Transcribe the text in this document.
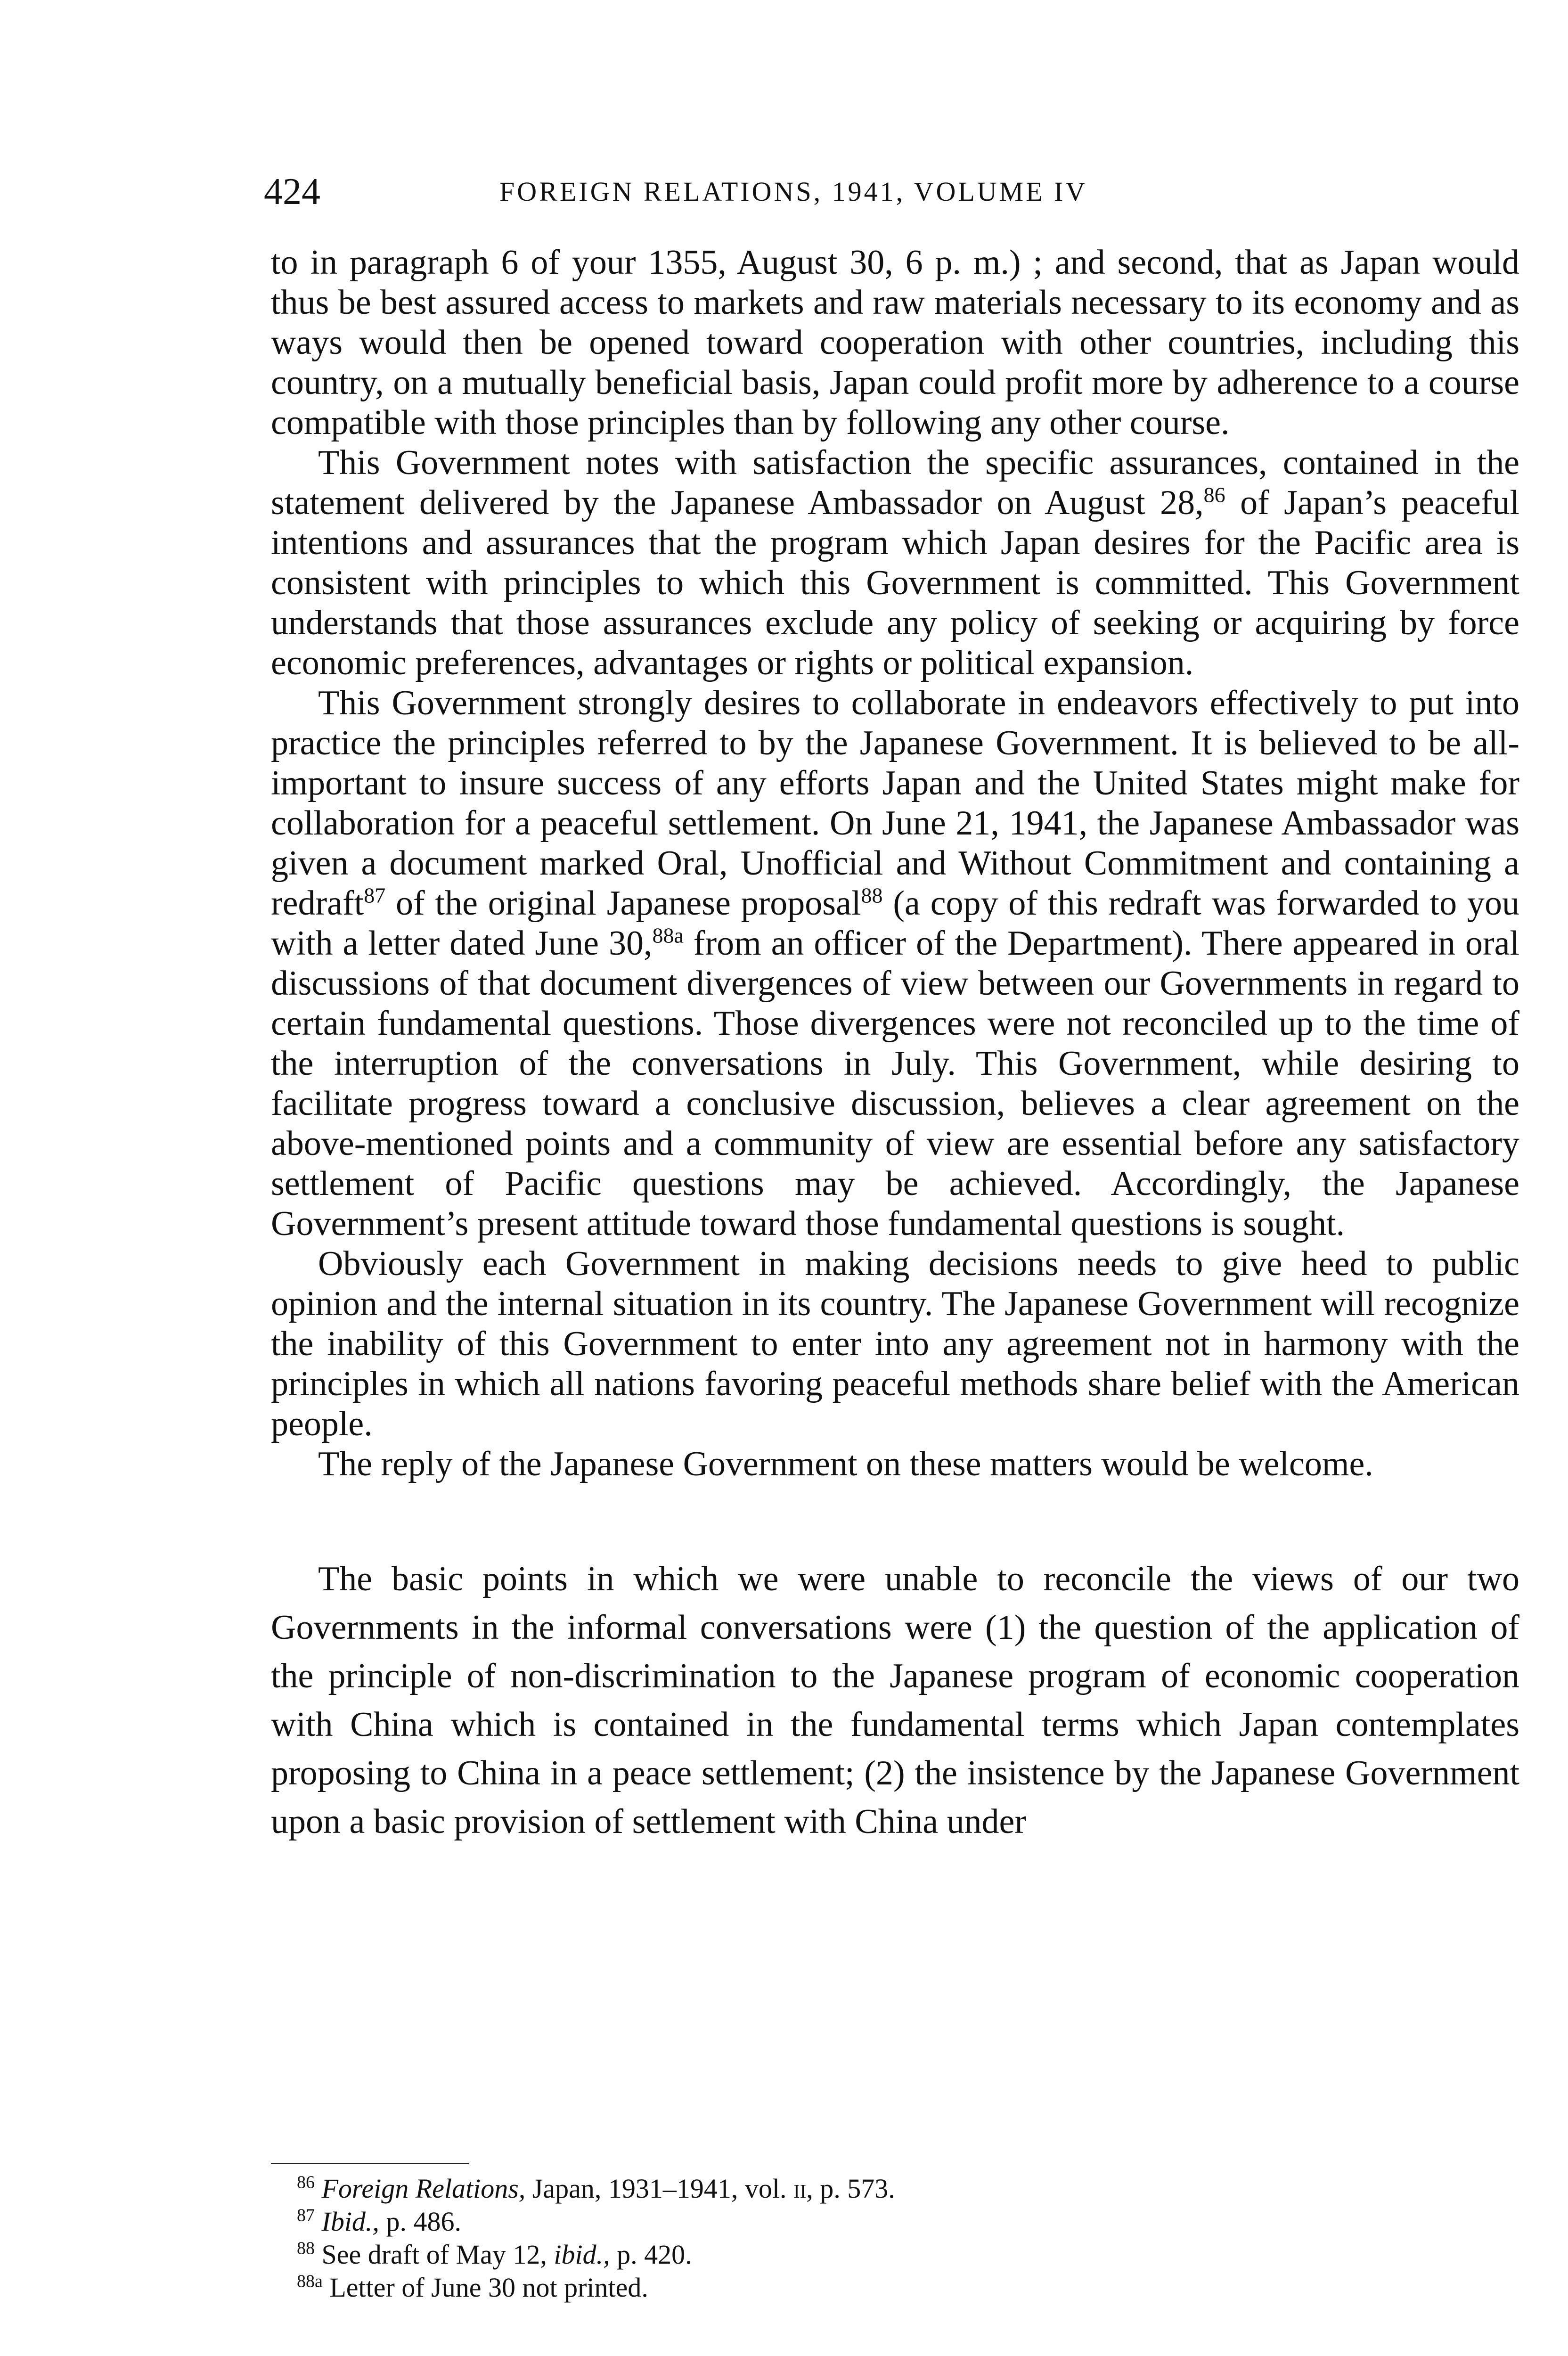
424	FOREIGN RELATIONS, 1941, VOLUME IV

to in paragraph 6 of your 1355, August 30, 6 p. m.) ; and second, that as Japan would thus be best assured access to markets and raw materials necessary to its economy and as ways would then be opened toward cooperation with other countries, including this country, on a mutually beneficial basis, Japan could profit more by adherence to a course compatible with those principles than by following any other course.

This Government notes with satisfaction the specific assurances, contained in the statement delivered by the Japanese Ambassador on August 28,86 of Japan’s peaceful intentions and assurances that the program which Japan desires for the Pacific area is consistent with principles to which this Government is committed. This Government understands that those assurances exclude any policy of seeking or acquiring by force economic preferences, advantages or rights or political expansion.

This Government strongly desires to collaborate in endeavors effectively to put into practice the principles referred to by the Japanese Government. It is believed to be all-important to insure success of any efforts Japan and the United States might make for collaboration for a peaceful settlement. On June 21, 1941, the Japanese Ambassador was given a document marked Oral, Unofficial and Without Commitment and containing a redraft$^{87}$ of the original Japanese proposal$^{88}$ (a copy of this redraft was forwarded to you with a letter dated June 30,$^{88a}$ from an officer of the Department). There appeared in oral discussions of that document divergences of view between our Governments in regard to certain fundamental questions. Those divergences were not reconciled up to the time of the interruption of the conversations in July. This Government, while desiring to facilitate progress toward a conclusive discussion, believes a clear agreement on the above-mentioned points and a community of view are essential before any satisfactory settlement of Pacific questions may be achieved. Accordingly, the Japanese Government’s present attitude toward those fundamental questions is sought.

Obviously each Government in making decisions needs to give heed to public opinion and the internal situation in its country. The Japanese Government will recognize the inability of this Government to enter into any agreement not in harmony with the principles in which all nations favoring peaceful methods share belief with the American people.

The reply of the Japanese Government on these matters would be welcome.

The basic points in which we were unable to reconcile the views of our two Governments in the informal conversations were (1) the question of the application of the principle of non-discrimination to the Japanese program of economic cooperation with China which is contained in the fundamental terms which Japan contemplates proposing to China in a peace settlement; (2) the insistence by the Japanese Government upon a basic provision of settlement with China under

$^{86}$ Foreign Relations, Japan, 1931–1941, vol. ii, p. 573.

$^{87}$ Ibid., p. 486.

$^{88}$ See draft of May 12, ibid., p. 420.

$^{88a}$ Letter of June 30 not printed.
